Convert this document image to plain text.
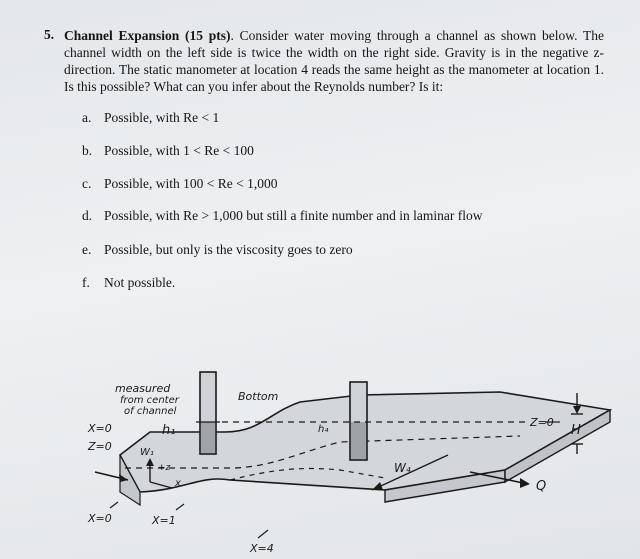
5. Channel Expansion (15 pts). Consider water moving through a channel as shown below. The channel width on the left side is twice the width on the right side. Gravity is in the negative z-direction. The static manometer at location 4 reads the same height as the manometer at location 1. Is this possible? What can you infer about the Reynolds number? Is it:
a. Possible, with Re < 1
b. Possible, with 1 < Re < 100
c. Possible, with 100 < Re < 1,000
d. Possible, with Re > 1,000 but still a finite number and in laminar flow
e. Possible, but only is the viscosity goes to zero
f. Not possible.
measured
from center
of channel
h₁
Bottom
h₄
X=0
Z=0	W₁
+z
x
W₄
Z=0
H
Q
X=0	X=1
X=4
